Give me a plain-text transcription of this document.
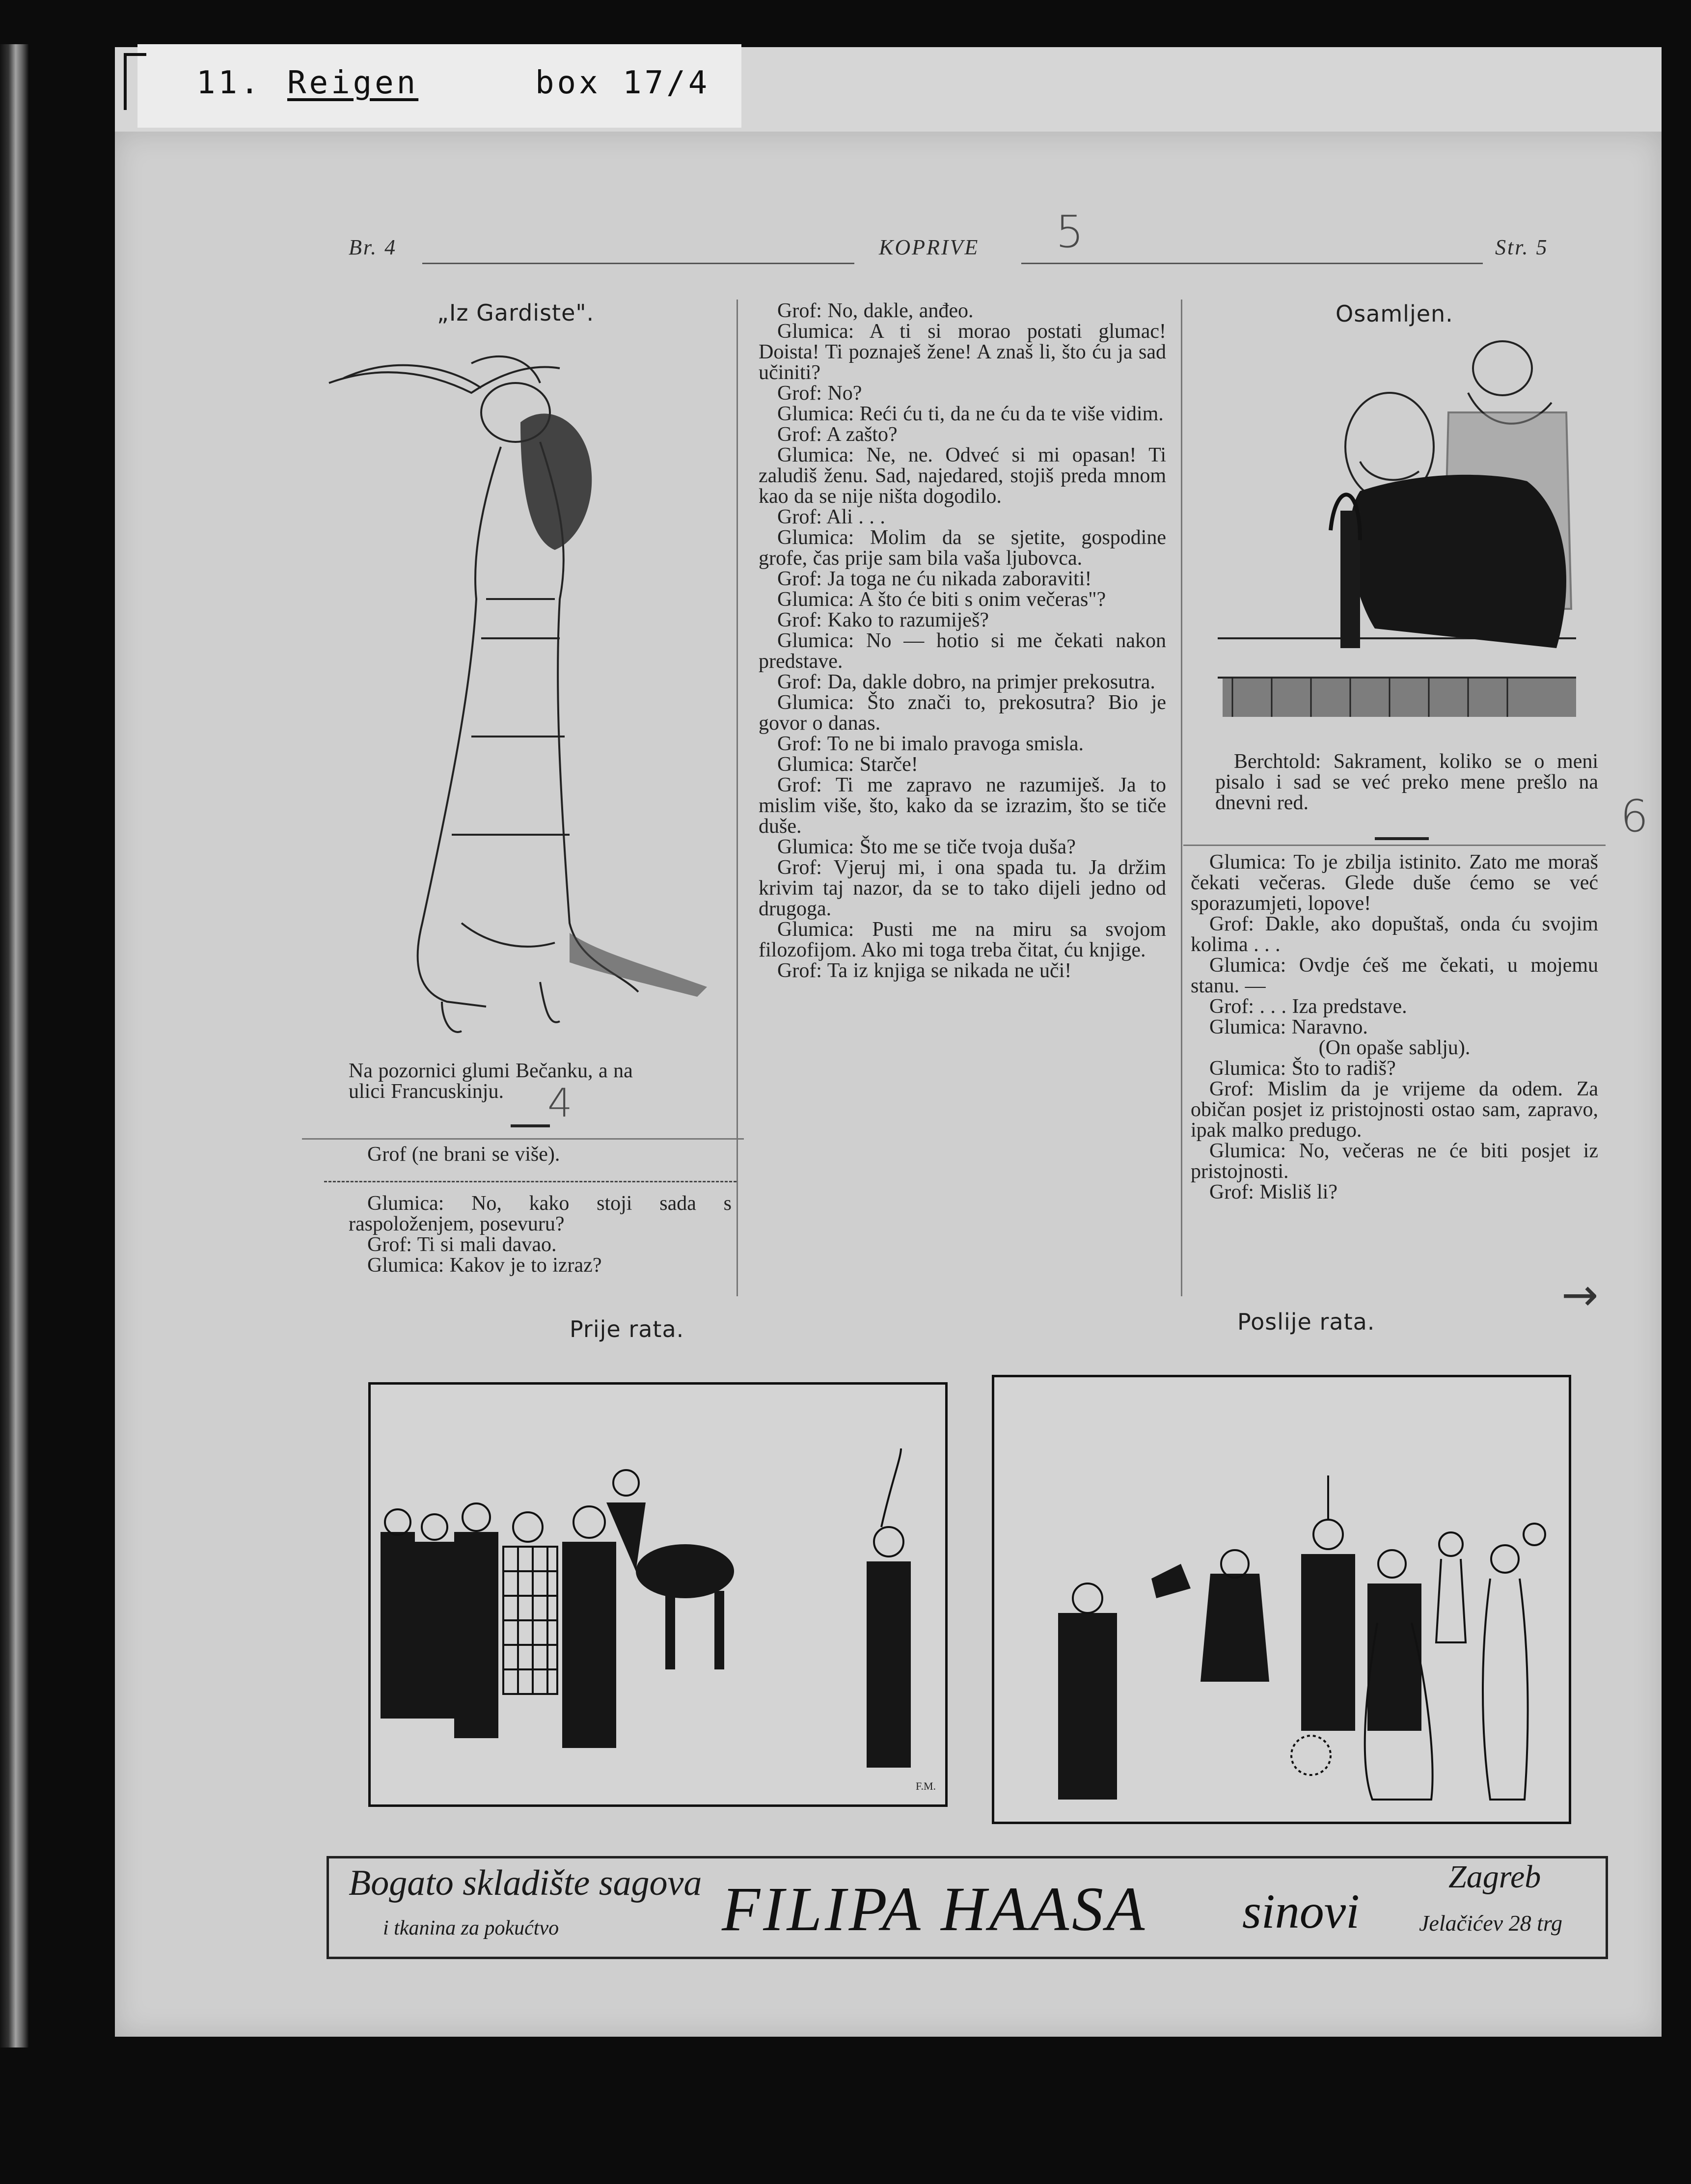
11. Reigen	box 17/4
Br. 4	KOPRIVE	Str. 5
5
6
„Iz Gardiste".

Na pozornici glumi Bečanku, a na

ulici Francuskinju.	4

Grof (ne brani se više).

Glumica: No, kako stoji sada s raspoloženjem, posevuru?

Grof: Ti si mali davao.

Glumica: Kakov je to izraz?

Grof: No, dakle, anđeo.

Glumica: A ti si morao postati glumac! Doista! Ti poznaješ žene! A znaš li, što ću ja sad učiniti?

Grof: No?

Glumica: Reći ću ti, da ne ću da te više vidim.

Grof: A zašto?

Glumica: Ne, ne. Odveć si mi opasan! Ti zaludiš ženu. Sad, najedared, stojiš preda mnom kao da se nije ništa dogodilo.

Grof: Ali . . .

Glumica: Molim da se sjetite, gospodine grofe, čas prije sam bila vaša ljubovca.

Grof: Ja toga ne ću nikada zaboraviti!

Glumica: A što će biti s onim večeras"?

Grof: Kako to razumiješ?

Glumica: No — hotio si me čekati nakon predstave.

Grof: Da, dakle dobro, na primjer prekosutra.

Glumica: Što znači to, prekosutra? Bio je govor o danas.

Grof: To ne bi imalo pravoga smisla.

Glumica: Starče!

Grof: Ti me zapravo ne razumiješ. Ja to mislim više, što, kako da se izrazim, što se tiče duše.

Glumica: Što me se tiče tvoja duša?

Grof: Vjeruj mi, i ona spada tu. Ja držim krivim taj nazor, da se to tako dijeli jedno od drugoga.

Glumica: Pusti me na miru sa svojom filozofijom. Ako mi toga treba čitat, ću knjige.

Grof: Ta iz knjiga se nikada ne uči!

Osamljen.

Berchtold: Sakrament, koliko se o meni pisalo i sad se već preko mene prešlo na dnevni red.

Glumica: To je zbilja istinito. Zato me moraš čekati večeras. Glede duše ćemo se već sporazumjeti, lopove!

Grof: Dakle, ako dopuštaš, onda ću svojim kolima . . .

Glumica: Ovdje ćeš me čekati, u mojemu stanu. —

Grof: . . . Iza predstave.

Glumica: Naravno.

(On opaše sablju).

Glumica: Što to radiš?

Grof: Mislim da je vrijeme da odem. Za običan posjet iz pristojnosti ostao sam, zapravo, ipak malko predugo.

Glumica: No, večeras ne će biti posjet iz pristojnosti.

Grof: Misliš li?

→
Prije rata.	Poslije rata.
F.M.
Bogato skladište sagova
i tkanina za pokućtvo	FILIPA HAASA sinovi
Zagreb
Jelačićev 28 trg
